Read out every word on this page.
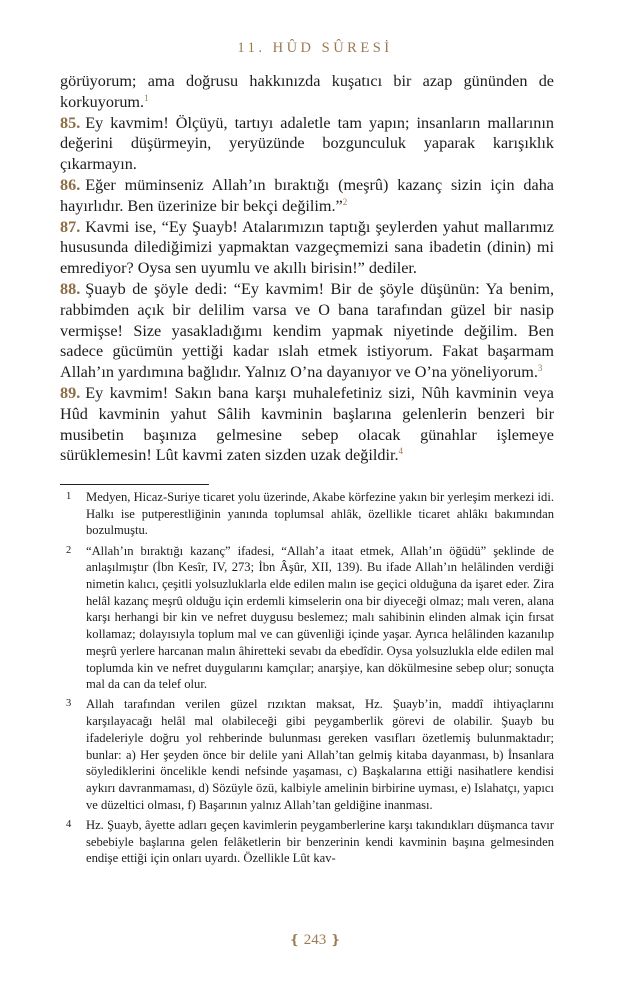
11. HÛD SÛRESİ

görüyorum; ama doğrusu hakkınızda kuşatıcı bir azap gününden de korkuyorum.$^1$

85. Ey kavmim! Ölçüyü, tartıyı adaletle tam yapın; insanların mallarının değerini düşürmeyin, yeryüzünde bozgunculuk yaparak karışıklık çıkarmayın.

86. Eğer müminseniz Allah’ın bıraktığı (meşrû) kazanç sizin için daha hayırlıdır. Ben üzerinize bir bekçi değilim.”$^2$

87. Kavmi ise, “Ey Şuayb! Atalarımızın taptığı şeylerden yahut mallarımız hususunda dilediğimizi yapmaktan vazgeçmemizi sana ibadetin (dinin) mi emrediyor? Oysa sen uyumlu ve akıllı birisin!” dediler.

88. Şuayb de şöyle dedi: “Ey kavmim! Bir de şöyle düşünün: Ya benim, rabbimden açık bir delilim varsa ve O bana tarafından güzel bir nasip vermişse! Size yasakladığımı kendim yapmak niyetinde değilim. Ben sadece gücümün yettiği kadar ıslah etmek istiyorum. Fakat başarmam Allah’ın yardımına bağlıdır. Yalnız O’na dayanıyor ve O’na yöneliyorum.$^3$

89. Ey kavmim! Sakın bana karşı muhalefetiniz sizi, Nûh kavminin veya Hûd kavminin yahut Sâlih kavminin başlarına gelenlerin benzeri bir musibetin başınıza gelmesine sebep olacak günahlar işlemeye sürüklemesin! Lût kavmi zaten sizden uzak değildir.$^4$

1 Medyen, Hicaz-Suriye ticaret yolu üzerinde, Akabe körfezine yakın bir yerleşim merkezi idi. Halkı ise putperestliğinin yanında toplumsal ahlâk, özellikle ticaret ahlâkı bakımından bozulmuştu.
2 “Allah’ın bıraktığı kazanç” ifadesi, “Allah’a itaat etmek, Allah’ın öğüdü” şeklinde de anlaşılmıştır (İbn Kesîr, IV, 273; İbn Âşûr, XII, 139). Bu ifade Allah’ın helâlinden verdiği nimetin kalıcı, çeşitli yolsuzluklarla elde edilen malın ise geçici olduğuna da işaret eder. Zira helâl kazanç meşrû olduğu için erdemli kimselerin ona bir diyeceği olmaz; malı veren, alana karşı herhangi bir kin ve nefret duygusu beslemez; malı sahibinin elinden almak için fırsat kollamaz; dolayısıyla toplum mal ve can güvenliği içinde yaşar. Ayrıca helâlinden kazanılıp meşrû yerlere harcanan malın âhiretteki sevabı da ebedîdir. Oysa yolsuzlukla elde edilen mal toplumda kin ve nefret duygularını kamçılar; anarşiye, kan dökülmesine sebep olur; sonuçta mal da can da telef olur.
3 Allah tarafından verilen güzel rızıktan maksat, Hz. Şuayb’in, maddî ihtiyaçlarını karşılayacağı helâl mal olabileceği gibi peygamberlik görevi de olabilir. Şuayb bu ifadeleriyle doğru yol rehberinde bulunması gereken vasıfları özetlemiş bulunmaktadır; bunlar: a) Her şeyden önce bir delile yani Allah’tan gelmiş kitaba dayanması, b) İnsanlara söylediklerini öncelikle kendi nefsinde yaşaması, c) Başkalarına ettiği nasihatlere kendisi aykırı davranmaması, d) Sözüyle özü, kalbiyle amelinin birbirine uyması, e) Islahatçı, yapıcı ve düzeltici olması, f) Başarının yalnız Allah’tan geldiğine inanması.
4 Hz. Şuayb, âyette adları geçen kavimlerin peygamberlerine karşı takındıkları düşmanca tavır sebebiyle başlarına gelen felâketlerin bir benzerinin kendi kavminin başına gelmesinden endişe ettiği için onları uyardı. Özellikle Lût kav-
❴ 243 ❵
